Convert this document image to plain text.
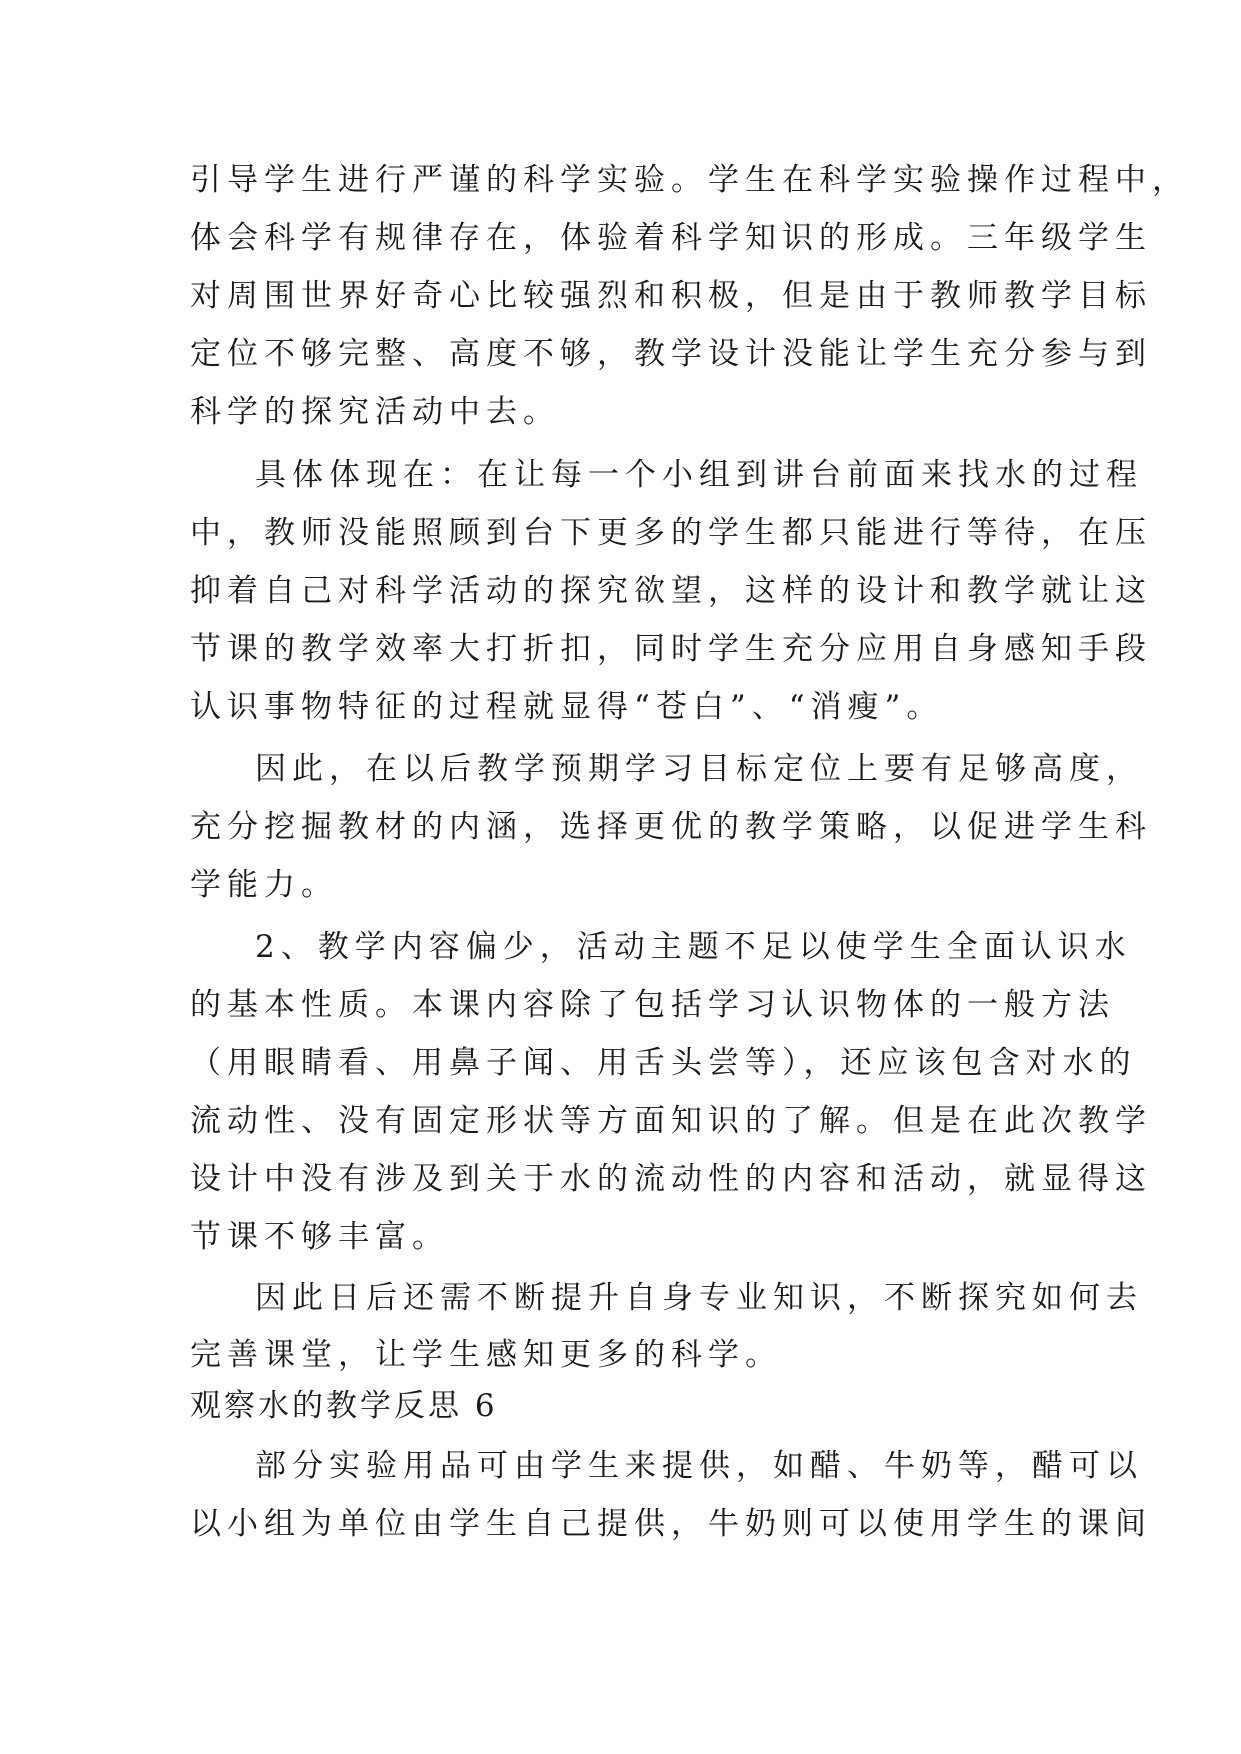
引导学生进行严谨的科学实验。学生在科学实验操作过程中，
体会科学有规律存在，体验着科学知识的形成。三年级学生
对周围世界好奇心比较强烈和积极，但是由于教师教学目标
定位不够完整、高度不够，教学设计没能让学生充分参与到
科学的探究活动中去。
具体体现在：在让每一个小组到讲台前面来找水的过程
中，教师没能照顾到台下更多的学生都只能进行等待，在压
抑着自己对科学活动的探究欲望，这样的设计和教学就让这
节课的教学效率大打折扣，同时学生充分应用自身感知手段
认识事物特征的过程就显得“苍白”、“消瘦”。
因此，在以后教学预期学习目标定位上要有足够高度，
充分挖掘教材的内涵，选择更优的教学策略，以促进学生科
学能力。
2、教学内容偏少，活动主题不足以使学生全面认识水
的基本性质。本课内容除了包括学习认识物体的一般方法
（用眼睛看、用鼻子闻、用舌头尝等），还应该包含对水的
流动性、没有固定形状等方面知识的了解。但是在此次教学
设计中没有涉及到关于水的流动性的内容和活动，就显得这
节课不够丰富。
因此日后还需不断提升自身专业知识，不断探究如何去
完善课堂，让学生感知更多的科学。
观察水的教学反思 6
部分实验用品可由学生来提供，如醋、牛奶等，醋可以
以小组为单位由学生自己提供，牛奶则可以使用学生的课间
